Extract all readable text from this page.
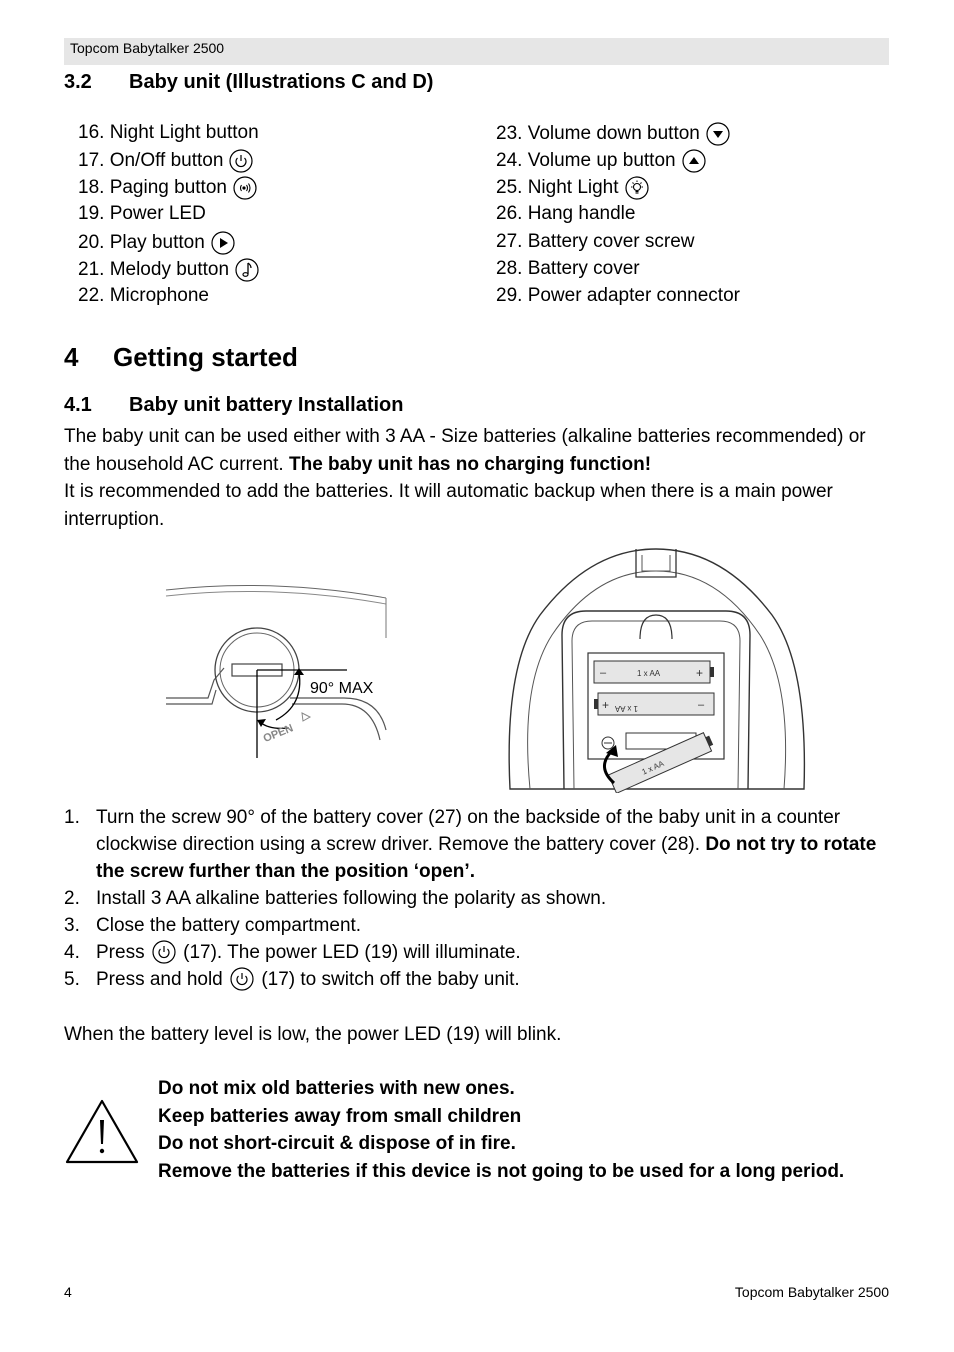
Topcom Babytalker 2500
3.2 Baby unit (Illustrations C and D)
16. Night Light button
17. On/Off button
18. Paging button
19. Power LED
20. Play button
21. Melody button
22. Microphone
23. Volume down button
24. Volume up button
25. Night Light
26. Hang handle
27. Battery cover screw
28. Battery cover
29. Power adapter connector
4 Getting started
4.1 Baby unit battery Installation
The baby unit can be used either with 3 AA - Size batteries (alkaline batteries recommended) or the household AC current. The baby unit has no charging function!
It is recommended to add the batteries. It will automatic backup when there is a main power interruption.
90° MAX
OPEN
–	+
1 x AA
+	–
1 x AA
1 x AA
1. Turn the screw 90° of the battery cover (27) on the backside of the baby unit in a counter clockwise direction using a screw driver. Remove the battery cover (28). Do not try to rotate the screw further than the position ‘open’.
2. Install 3 AA alkaline batteries following the polarity as shown.
3. Close the battery compartment.
4. Press (17). The power LED (19) will illuminate.
5. Press and hold (17) to switch off the baby unit.
When the battery level is low, the power LED (19) will blink.
Do not mix old batteries with new ones.
Keep batteries away from small children
Do not short-circuit & dispose of in fire.
Remove the batteries if this device is not going to be used for a long period.
4	Topcom Babytalker 2500
